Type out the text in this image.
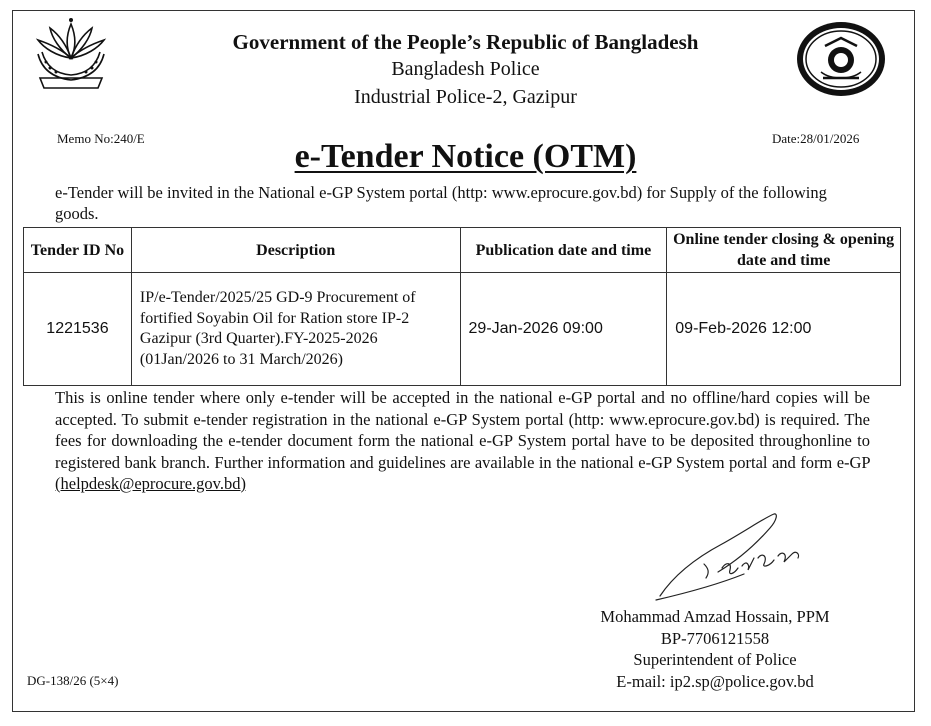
Government of the People’s Republic of Bangladesh
Bangladesh Police
Industrial Police-2, Gazipur
Memo No:240/E	Date:28/01/2026
e-Tender Notice (OTM)
e-Tender will be invited in the National e-GP System portal (http: www.eprocure.gov.bd) for Supply of the following goods.
Tender ID No	Description	Publication date and time	Online tender closing & opening date and time
1221536	IP/e-Tender/2025/25 GD-9 Procurement of fortified Soyabin Oil for Ration store IP-2 Gazipur (3rd Quarter).FY-2025-2026 (01Jan/2026 to 31 March/2026)	29-Jan-2026 09:00	09-Feb-2026 12:00
This is online tender where only e-tender will be accepted in the national e-GP portal and no offline/hard copies will be accepted. To submit e-tender registration in the national e-GP System portal (http: www.eprocure.gov.bd) is required. The fees for downloading the e-tender document form the national e-GP System portal have to be deposited throughonline to registered bank branch. Further information and guidelines are available in the national e-GP System portal and form e-GP (helpdesk@eprocure.gov.bd)
Mohammad Amzad Hossain, PPM
BP-7706121558
Superintendent of Police
E-mail: ip2.sp@police.gov.bd
DG-138/26 (5×4)
